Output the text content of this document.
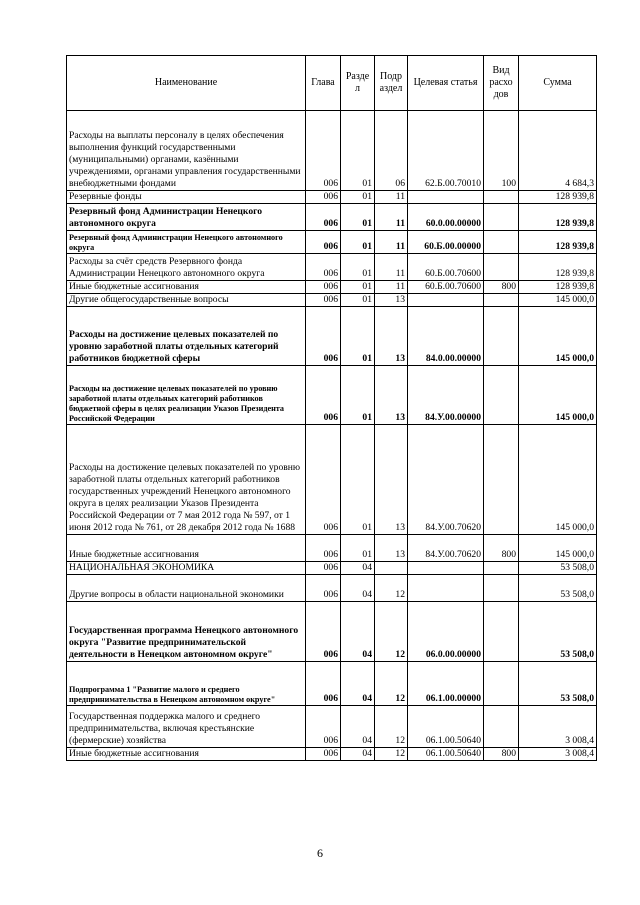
Наименование	Глава	Разде л	Подр аздел	Целевая статья	Вид расхо дов	Сумма
Расходы на выплаты персоналу в целях обеспечения выполнения функций государственными (муниципальными) органами, казёнными учреждениями, органами управления государственными внебюджетными фондами	006	01	06	62.Б.00.70010	100	4 684,3
Резервные фонды	006	01	11			128 939,8
Резервный фонд Администрации Ненецкого автономного округа	006	01	11	60.0.00.00000		128 939,8
Резервный фонд Администрации Ненецкого автономного округа	006	01	11	60.Б.00.00000		128 939,8
Расходы за счёт средств Резервного фонда Администрации Ненецкого автономного округа	006	01	11	60.Б.00.70600		128 939,8
Иные бюджетные ассигнования	006	01	11	60.Б.00.70600	800	128 939,8
Другие общегосударственные вопросы	006	01	13			145 000,0
Расходы на достижение целевых показателей по уровню заработной платы отдельных категорий работников бюджетной сферы	006	01	13	84.0.00.00000		145 000,0
Расходы на достижение целевых показателей по уровню заработной платы отдельных категорий работников бюджетной сферы в целях реализации Указов Президента Российской Федерации	006	01	13	84.У.00.00000		145 000,0
Расходы на достижение целевых показателей по уровню заработной платы отдельных категорий работников государственных учреждений Ненецкого автономного округа в целях реализации Указов Президента Российской Федерации от 7 мая 2012 года № 597, от 1 июня 2012 года № 761, от 28 декабря 2012 года № 1688	006	01	13	84.У.00.70620		145 000,0
Иные бюджетные ассигнования	006	01	13	84.У.00.70620	800	145 000,0
НАЦИОНАЛЬНАЯ ЭКОНОМИКА	006	04				53 508,0
Другие вопросы в области национальной экономики	006	04	12			53 508,0
Государственная программа Ненецкого автономного округа "Развитие предпринимательской деятельности в Ненецком автономном округе"	006	04	12	06.0.00.00000		53 508,0
Подпрограмма 1 "Развитие малого и среднего предпринимательства в Ненецком автономном округе"	006	04	12	06.1.00.00000		53 508,0
Государственная поддержка малого и среднего предпринимательства, включая крестьянские (фермерские) хозяйства	006	04	12	06.1.00.50640		3 008,4
Иные бюджетные ассигнования	006	04	12	06.1.00.50640	800	3 008,4
6
